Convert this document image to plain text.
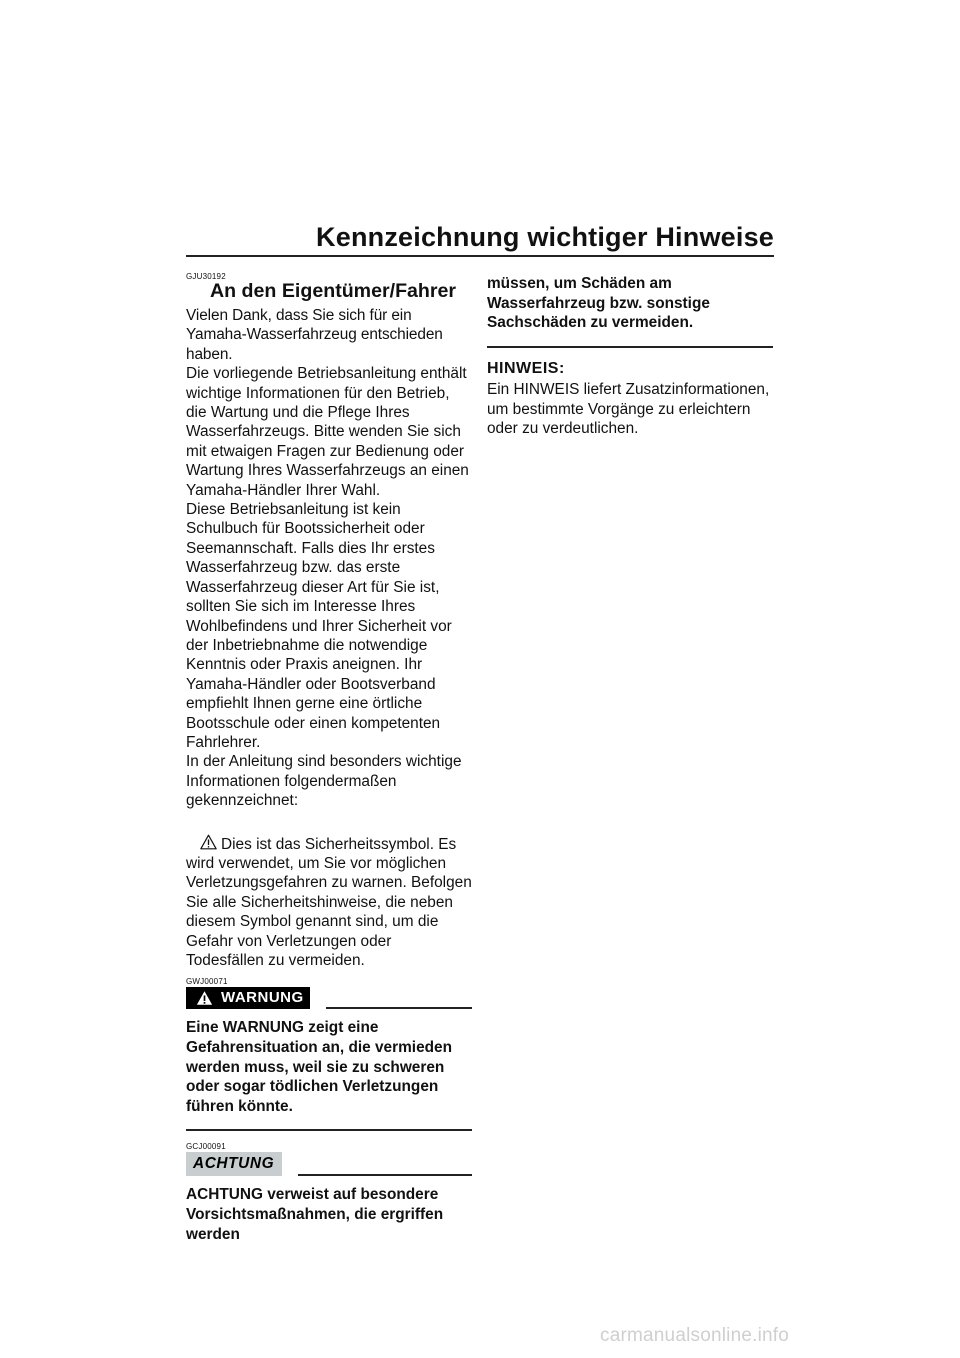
Kennzeichnung wichtiger Hinweise
GJU30192
An den Eigentümer/Fahrer

Vielen Dank, dass Sie sich für ein Yamaha-Wasserfahrzeug entschieden haben.

Die vorliegende Betriebsanleitung enthält wichtige Informationen für den Betrieb, die Wartung und die Pflege Ihres Wasserfahrzeugs. Bitte wenden Sie sich mit etwaigen Fragen zur Bedienung oder Wartung Ihres Wasserfahrzeugs an einen Yamaha-Händler Ihrer Wahl.

Diese Betriebsanleitung ist kein Schulbuch für Bootssicherheit oder Seemannschaft. Falls dies Ihr erstes Wasserfahrzeug bzw. das erste Wasserfahrzeug dieser Art für Sie ist, sollten Sie sich im Interesse Ihres Wohlbefindens und Ihrer Sicherheit vor der Inbetriebnahme die notwendige Kenntnis oder Praxis aneignen. Ihr Yamaha-Händler oder Bootsverband empfiehlt Ihnen gerne eine örtliche Bootsschule oder einen kompetenten Fahrlehrer.

In der Anleitung sind besonders wichtige Informationen folgendermaßen gekennzeichnet:

Dies ist das Sicherheitssymbol. Es wird verwendet, um Sie vor möglichen Verletzungsgefahren zu warnen. Befolgen Sie alle Sicherheitshinweise, die neben diesem Symbol genannt sind, um die Gefahr von Verletzungen oder Todesfällen zu vermeiden.

GWJ00071
WARNUNG

Eine WARNUNG zeigt eine Gefahrensituation an, die vermieden werden muss, weil sie zu schweren oder sogar tödlichen Verletzungen führen könnte.

GCJ00091
ACHTUNG

ACHTUNG verweist auf besondere Vorsichtsmaßnahmen, die ergriffen werden

müssen, um Schäden am Wasserfahrzeug bzw. sonstige Sachschäden zu vermeiden.

HINWEIS:

Ein HINWEIS liefert Zusatzinformationen, um bestimmte Vorgänge zu erleichtern oder zu verdeutlichen.

carmanualsonline.info
